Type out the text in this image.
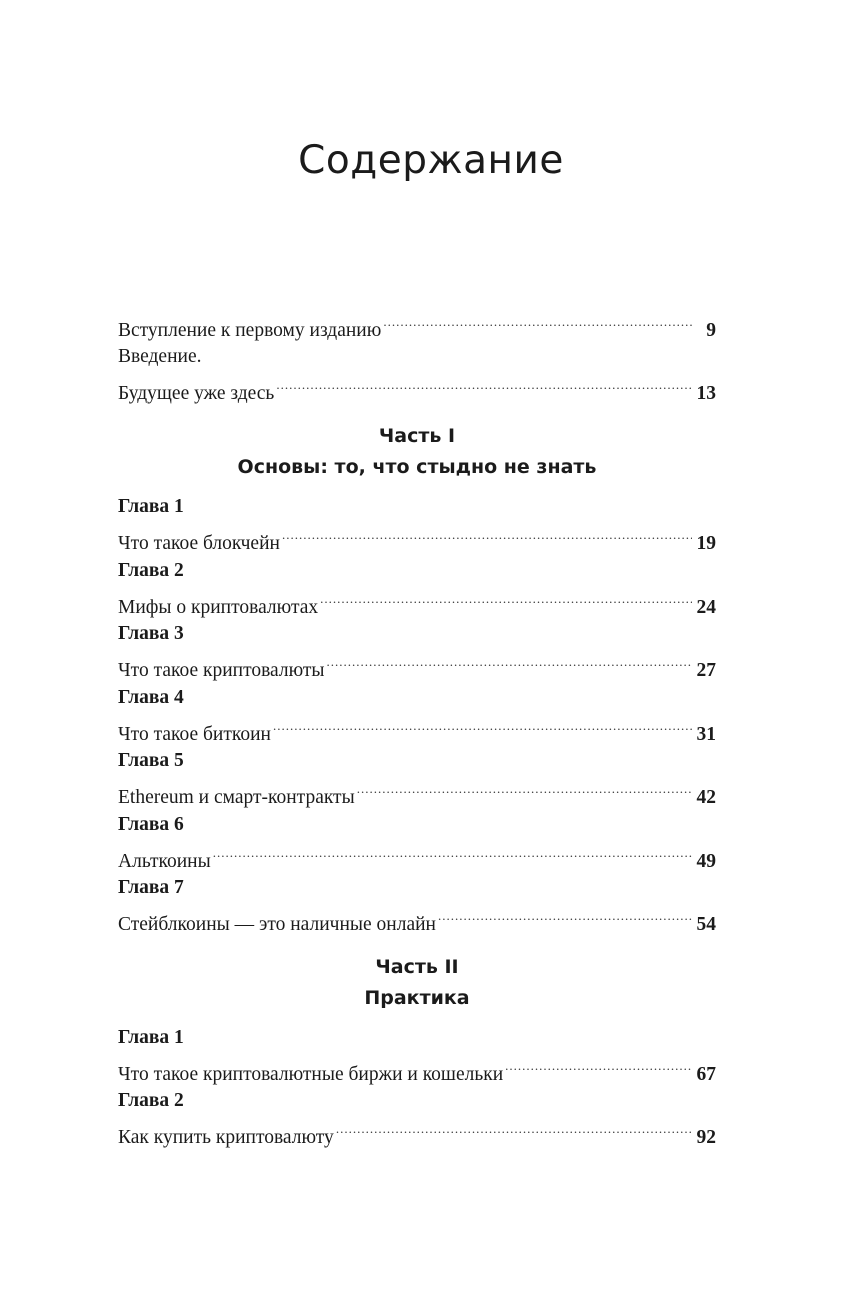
Содержание
Вступление к первому изданию .....	9
Введение.
Будущее уже здесь .....	13
Часть I
Основы: то, что стыдно не знать
Глава 1
Что такое блокчейн .....	19
Глава 2
Мифы о криптовалютах .....	24
Глава 3
Что такое криптовалюты .....	27
Глава 4
Что такое биткоин .....	31
Глава 5
Ethereum и смарт-контракты .....	42
Глава 6
Альткоины .....	49
Глава 7
Стейблкоины — это наличные онлайн .....	54
Часть II
Практика
Глава 1
Что такое криптовалютные биржи и кошельки .....	67
Глава 2
Как купить криптовалюту .....	92
